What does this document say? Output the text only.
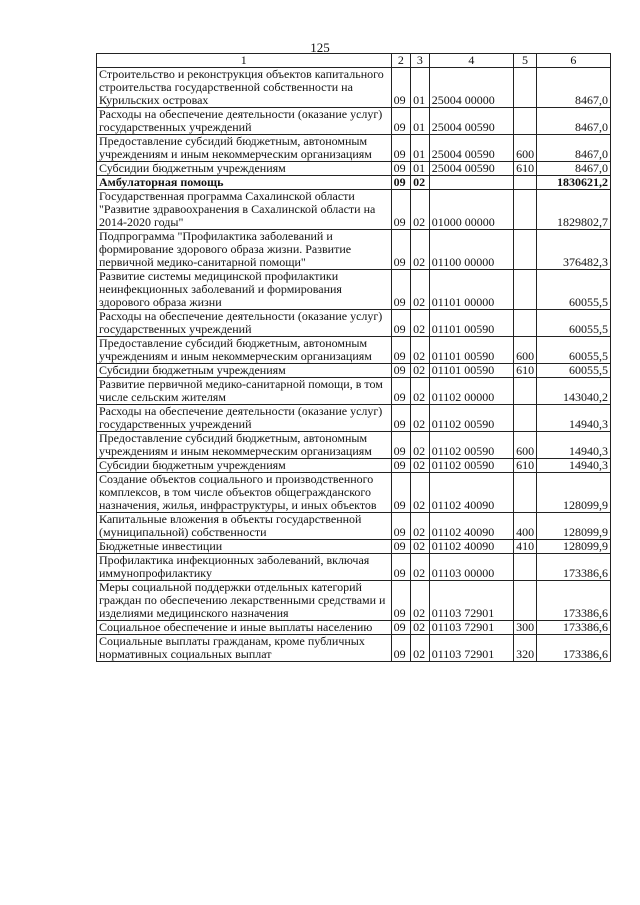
125
1	2	3	4	5	6
Строительство и реконструкция объектов капитального строительства государственной собственности на Курильских островах	09	01	25004 00000		8467,0
Расходы на обеспечение деятельности (оказание услуг) государственных учреждений	09	01	25004 00590		8467,0
Предоставление субсидий бюджетным, автономным учреждениям и иным некоммерческим организациям	09	01	25004 00590	600	8467,0
Субсидии бюджетным учреждениям	09	01	25004 00590	610	8467,0
Амбулаторная помощь	09	02			1830621,2
Государственная программа Сахалинской области "Развитие здравоохранения в Сахалинской области на 2014-2020 годы"	09	02	01000 00000		1829802,7
Подпрограмма "Профилактика заболеваний и формирование здорового образа жизни. Развитие первичной медико-санитарной помощи"	09	02	01100 00000		376482,3
Развитие системы медицинской профилактики неинфекционных заболеваний и формирования здорового образа жизни	09	02	01101 00000		60055,5
Расходы на обеспечение деятельности (оказание услуг) государственных учреждений	09	02	01101 00590		60055,5
Предоставление субсидий бюджетным, автономным учреждениям и иным некоммерческим организациям	09	02	01101 00590	600	60055,5
Субсидии бюджетным учреждениям	09	02	01101 00590	610	60055,5
Развитие первичной медико-санитарной помощи, в том числе сельским жителям	09	02	01102 00000		143040,2
Расходы на обеспечение деятельности (оказание услуг) государственных учреждений	09	02	01102 00590		14940,3
Предоставление субсидий бюджетным, автономным учреждениям и иным некоммерческим организациям	09	02	01102 00590	600	14940,3
Субсидии бюджетным учреждениям	09	02	01102 00590	610	14940,3
Создание объектов социального и производственного комплексов, в том числе объектов общегражданского назначения, жилья, инфраструктуры, и иных объектов	09	02	01102 40090		128099,9
Капитальные вложения в объекты государственной (муниципальной) собственности	09	02	01102 40090	400	128099,9
Бюджетные инвестиции	09	02	01102 40090	410	128099,9
Профилактика инфекционных заболеваний, включая иммунопрофилактику	09	02	01103 00000		173386,6
Меры социальной поддержки отдельных категорий граждан по обеспечению лекарственными средствами и изделиями медицинского назначения	09	02	01103 72901		173386,6
Социальное обеспечение и иные выплаты населению	09	02	01103 72901	300	173386,6
Социальные выплаты гражданам, кроме публичных нормативных социальных выплат	09	02	01103 72901	320	173386,6
